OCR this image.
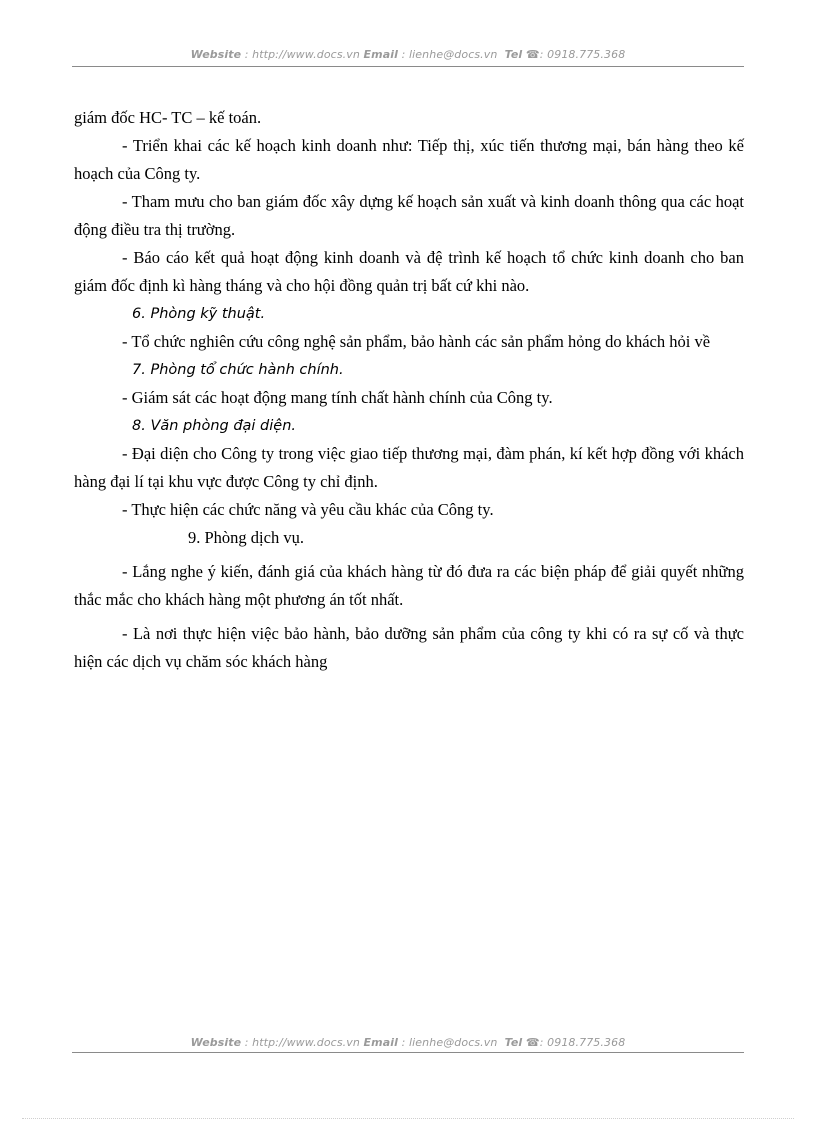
Website : http://www.docs.vn Email : lienhe@docs.vn  Tel ☎: 0918.775.368

giám đốc HC- TC – kế toán.

- Triển khai các kế hoạch kinh doanh như: Tiếp thị, xúc tiến thương mại, bán hàng theo kế hoạch của Công ty.

- Tham mưu cho ban giám đốc xây dựng kế hoạch sản xuất và kinh doanh thông qua các hoạt động điều tra thị trường.

- Báo cáo kết quả hoạt động kinh doanh và đệ trình kế hoạch tổ chức kinh doanh cho ban giám đốc định kì hàng tháng và cho hội đồng quản trị bất cứ khi nào.

6. Phòng kỹ thuật.

- Tổ chức nghiên cứu công nghệ sản phẩm, bảo hành các sản phẩm hỏng do khách hỏi về

7. Phòng tổ chức hành chính.

- Giám sát các hoạt động mang tính chất hành chính của Công ty.

8. Văn phòng đại diện.

- Đại diện cho Công ty trong việc giao tiếp thương mại, đàm phán, kí kết hợp đồng với khách hàng đại lí tại khu vực được Công ty chỉ định.

- Thực hiện các chức năng và yêu cầu khác của Công ty.

9. Phòng dịch vụ.

- Lắng nghe ý kiến, đánh giá của khách hàng từ đó đưa ra các biện pháp để giải quyết những thắc mắc cho khách hàng một phương án tốt nhất.

- Là nơi thực hiện việc bảo hành, bảo dưỡng sản phẩm của công ty khi có ra sự cố và thực hiện các dịch vụ chăm sóc khách hàng

Website : http://www.docs.vn Email : lienhe@docs.vn  Tel ☎: 0918.775.368
